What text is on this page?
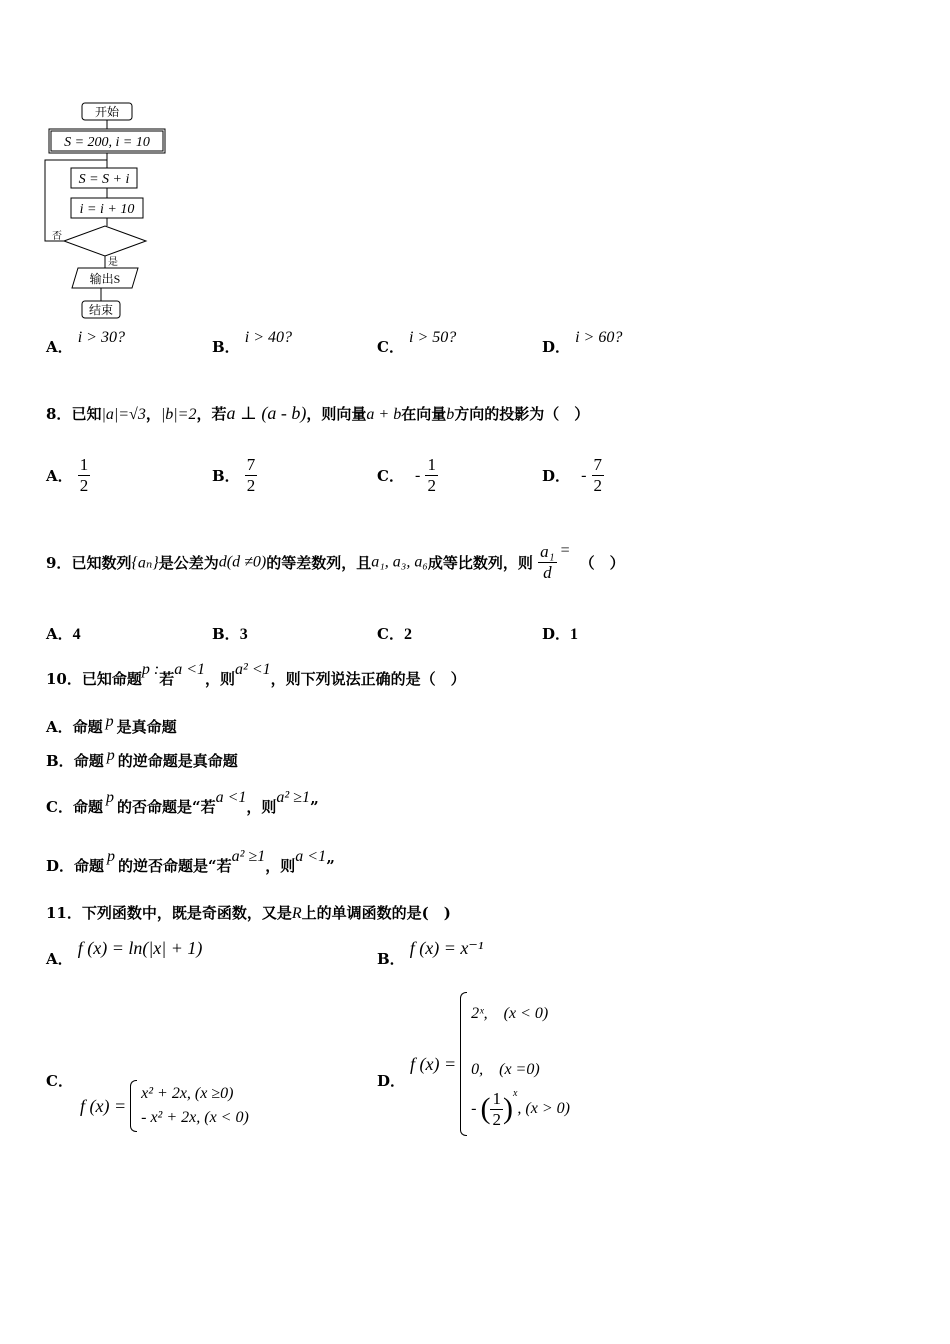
开始
S = 200, i = 10
S = S + i
i = i + 10
否
是
输出S
结束
A． i > 30?
B． i > 40?
C． i > 50?
D． i > 60?
8．已知|a|=√3，|b|=2，若a ⊥ (a - b)，则向量a + b在向量b方向的投影为（　）
A． $\frac{1}{2}$	B． $\frac{7}{2}$	C． - $\frac{1}{2}$	D． - $\frac{7}{2}$
9．已知数列{aₙ}是公差为d(d ≠0)的等差数列，且a₁, a₃, a₆成等比数列，则 $\frac{\text{a₁}}{d}$ =（　）
A．4	B．3	C．2	D．1
10．已知命题p :若a <1，则a² <1，则下列说法正确的是（　）
A．命题 p 是真命题
B．命题 p 的逆命题是真命题
C．命题p的否命题是“若a <1，则a² ≥1”
D．命题p的逆否命题是“若a² ≥1，则a <1”
11．下列函数中，既是奇函数，又是R上的单调函数的是(　)
A． f (x) = ln(|x| + 1)
B． f (x) = x⁻¹
C．
f (x) =
x² + 2x, (x ≥0)
- x² + 2x, (x < 0)
D．
f (x) =
2ˣ,　(x < 0)
0,　(x =0)
- ( $\frac{1}{2}$ ) x
, (x > 0)
